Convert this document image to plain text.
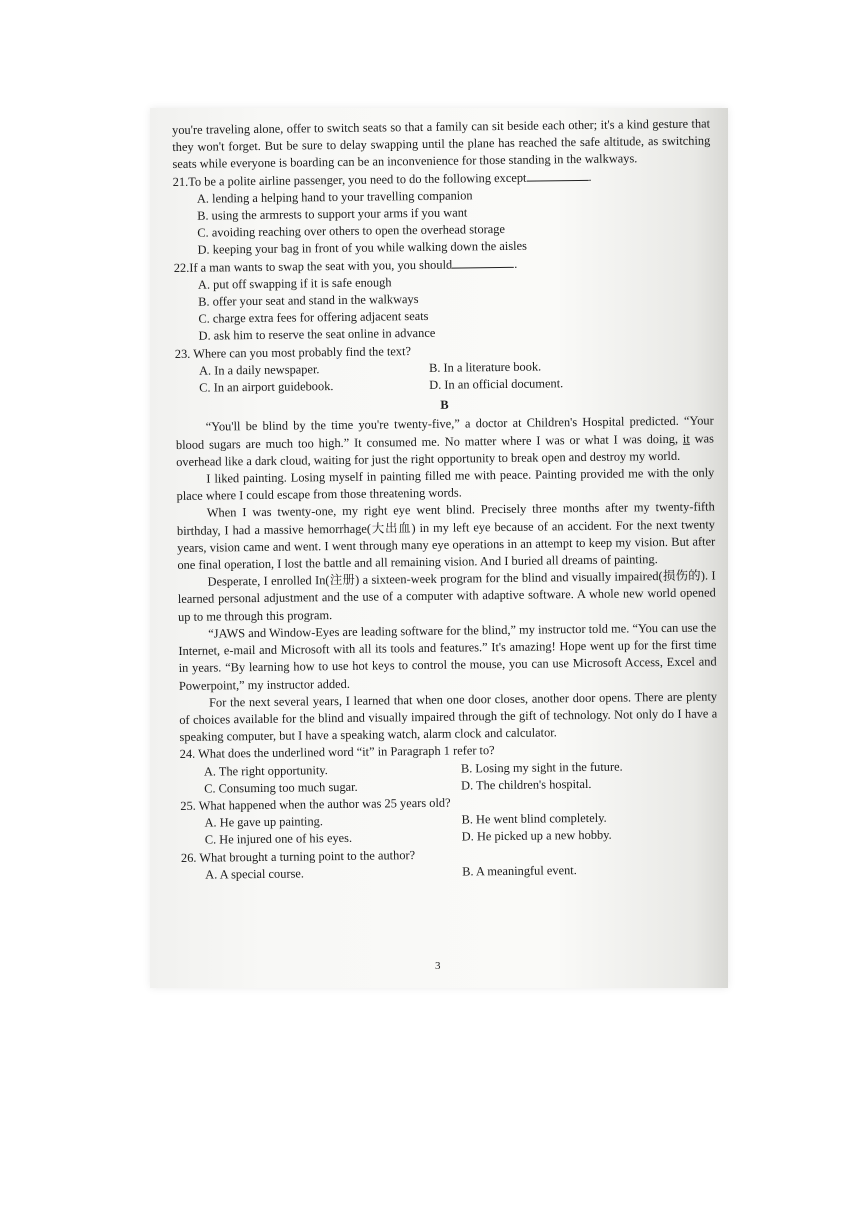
you're traveling alone, offer to switch seats so that a family can sit beside each other; it's a kind gesture that they won't forget. But be sure to delay swapping until the plane has reached the safe altitude, as switching seats while everyone is boarding can be an inconvenience for those standing in the walkways.

21.To be a polite airline passenger, you need to do the following except	.

A. lending a helping hand to your travelling companion

B. using the armrests to support your arms if you want

C. avoiding reaching over others to open the overhead storage

D. keeping your bag in front of you while walking down the aisles

22.If a man wants to swap the seat with you, you should	.

A. put off swapping if it is safe enough

B. offer your seat and stand in the walkways

C. charge extra fees for offering adjacent seats

D. ask him to reserve the seat online in advance

23. Where can you most probably find the text?

A. In a daily newspaper.	B. In a literature book.
C. In an airport guidebook.	D. In an official document.

B

“You'll be blind by the time you're twenty-five,” a doctor at Children's Hospital predicted. “Your blood sugars are much too high.” It consumed me. No matter where I was or what I was doing, it was overhead like a dark cloud, waiting for just the right opportunity to break open and destroy my world.

I liked painting. Losing myself in painting filled me with peace. Painting provided me with the only place where I could escape from those threatening words.

When I was twenty-one, my right eye went blind. Precisely three months after my twenty-fifth birthday, I had a massive hemorrhage(大出血) in my left eye because of an accident. For the next twenty years, vision came and went. I went through many eye operations in an attempt to keep my vision. But after one final operation, I lost the battle and all remaining vision. And I buried all dreams of painting.

Desperate, I enrolled In(注册) a sixteen-week program for the blind and visually impaired(损伤的). I learned personal adjustment and the use of a computer with adaptive software. A whole new world opened up to me through this program.

“JAWS and Window-Eyes are leading software for the blind,” my instructor told me. “You can use the Internet, e-mail and Microsoft with all its tools and features.” It's amazing! Hope went up for the first time in years. “By learning how to use hot keys to control the mouse, you can use Microsoft Access, Excel and Powerpoint,” my instructor added.

For the next several years, I learned that when one door closes, another door opens. There are plenty of choices available for the blind and visually impaired through the gift of technology. Not only do I have a speaking computer, but I have a speaking watch, alarm clock and calculator.

24. What does the underlined word “it” in Paragraph 1 refer to?

A. The right opportunity.	B. Losing my sight in the future.
C. Consuming too much sugar.	D. The children's hospital.

25. What happened when the author was 25 years old?

A. He gave up painting.	B. He went blind completely.
C. He injured one of his eyes.	D. He picked up a new hobby.

26. What brought a turning point to the author?

A. A special course.	B. A meaningful event.
3
